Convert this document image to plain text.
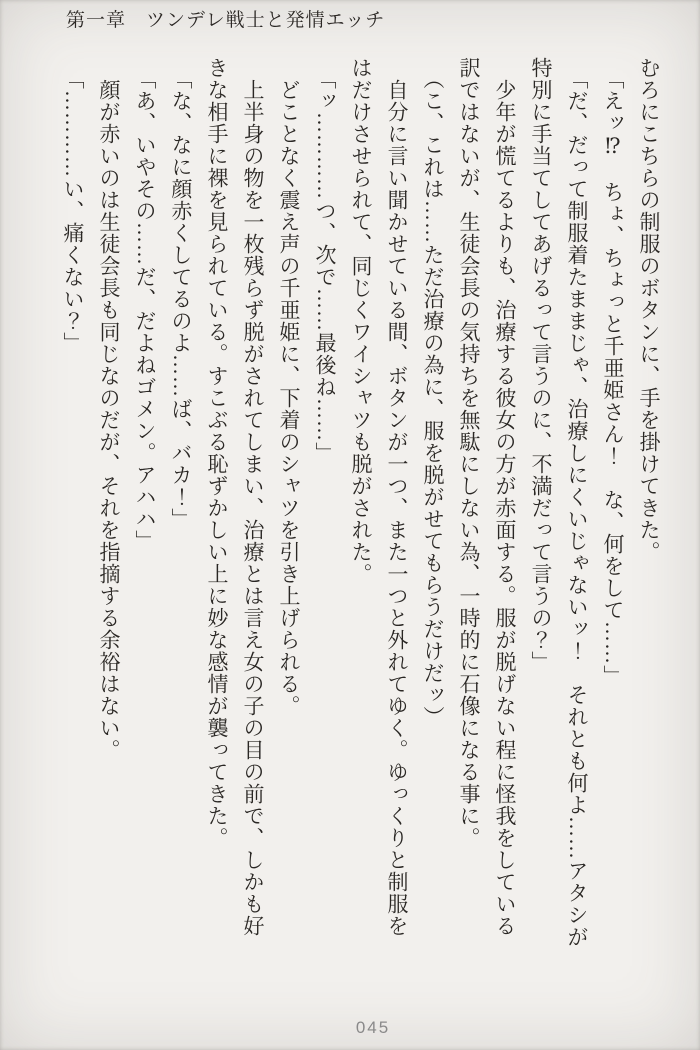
第一章　ツンデレ戦士と発情エッチ
むろにこちらの制服のボタンに、手を掛けてきた。
「えッ⁉　ちょ、ちょっと千亜姫さん！　な、何をして……」
「だ、だって制服着たままじゃ、治療しにくいじゃないッ！　それとも何よ……アタシが
特別に手当てしてあげるって言うのに、不満だって言うの？」
少年が慌てるよりも、治療する彼女の方が赤面する。服が脱げない程に怪我をしている
訳ではないが、生徒会長の気持ちを無駄にしない為、一時的に石像になる事に。
（こ、これは……ただ治療の為に、服を脱がせてもらうだけだッ）
自分に言い聞かせている間、ボタンが一つ、また一つと外れてゆく。ゆっくりと制服を
はだけさせられて、同じくワイシャツも脱がされた。
「ッ…………つ、次で……最後ね……」
どことなく震え声の千亜姫に、下着のシャツを引き上げられる。
上半身の物を一枚残らず脱がされてしまい、治療とは言え女の子の目の前で、しかも好
きな相手に裸を見られている。すこぶる恥ずかしい上に妙な感情が襲ってきた。
「な、なに顔赤くしてるのよ……ば、バカ！」
「あ、いやその……だ、だよねゴメン。アハハ」
顔が赤いのは生徒会長も同じなのだが、それを指摘する余裕はない。
「…………い、痛くない？」
045
